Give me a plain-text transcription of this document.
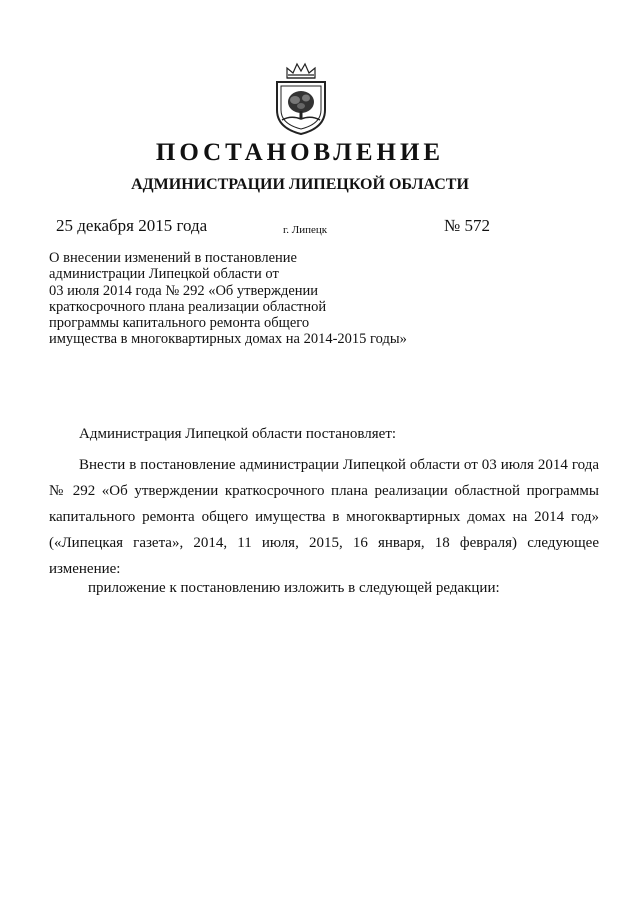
ПОСТАНОВЛЕНИЕ
АДМИНИСТРАЦИИ ЛИПЕЦКОЙ ОБЛАСТИ
25 декабря 2015 года	г. Липецк	№ 572
О внесении изменений в постановление
администрации Липецкой области от
03 июля 2014 года № 292 «Об утверждении
краткосрочного плана реализации областной
программы капитального ремонта общего
имущества в многоквартирных домах на 2014-2015 годы»
Администрация Липецкой области постановляет:

Внести в постановление администрации Липецкой области от 03 июля 2014 года № 292 «Об утверждении краткосрочного плана реализации областной программы капитального ремонта общего имущества в многоквартирных домах на 2014 год» («Липецкая газета», 2014, 11 июля, 2015, 16 января, 18 февраля) следующее изменение:

приложение к постановлению изложить в следующей редакции:
